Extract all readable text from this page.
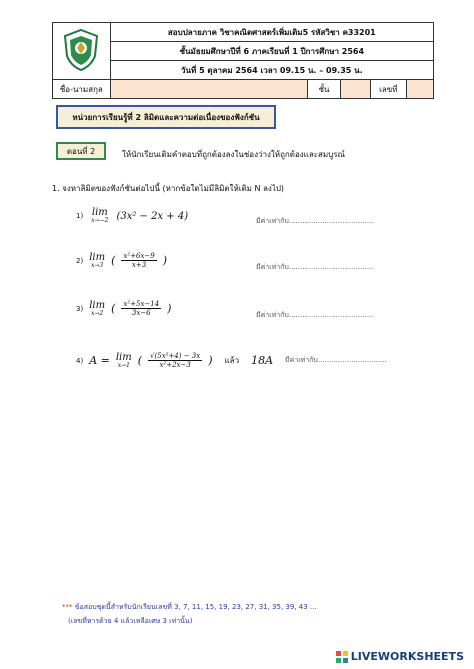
	สอบปลายภาค วิชาคณิตศาสตร์เพิ่มเติม5 รหัสวิชา ค33201				
	ชั้นมัธยมศึกษาปีที่ 6 ภาคเรียนที่ 1 ปีการศึกษา 2564				
	วันที่ 5 ตุลาคม 2564 เวลา 09.15 น. – 09.35 น.				
ชื่อ-นามสกุล		ชั้น		เลขที่	
หน่วยการเรียนรู้ที่ 2 ลิมิตและความต่อเนื่องของฟังก์ชัน
ตอนที่ 2	ให้นักเรียนเติมคำตอบที่ถูกต้องลงในช่องว่างให้ถูกต้องและสมบูรณ์
1. จงหาลิมิตของฟังก์ชันต่อไปนี้ (หากข้อใดไม่มีลิมิตให้เติม N ลงไป)
1) lim
x→−2 (3x² − 2x + 4)	มีค่าเท่ากับ......................................
2) lim
x→3 ( $\frac{\text{x²+6x−9}}{x+3}$ )	มีค่าเท่ากับ......................................
3) lim
x→2 ( $\frac{\text{x²+5x−14}}{3x-6}$ )	มีค่าเท่ากับ......................................
4) A = lim
x→1 ( $\frac{\text{√(5x²+4) − 3x}}{\text{x²+2x−3}}$ ) แล้ว 18A มีค่าเท่ากับ...............................
*** ข้อสอบชุดนี้สำหรับนักเรียนเลขที่ 3, 7, 11, 15, 19, 23, 27, 31, 35, 39, 43 ...
(เลขที่หารด้วย 4 แล้วเหลือเศษ 3 เท่านั้น)
LIVEWORKSHEETS
